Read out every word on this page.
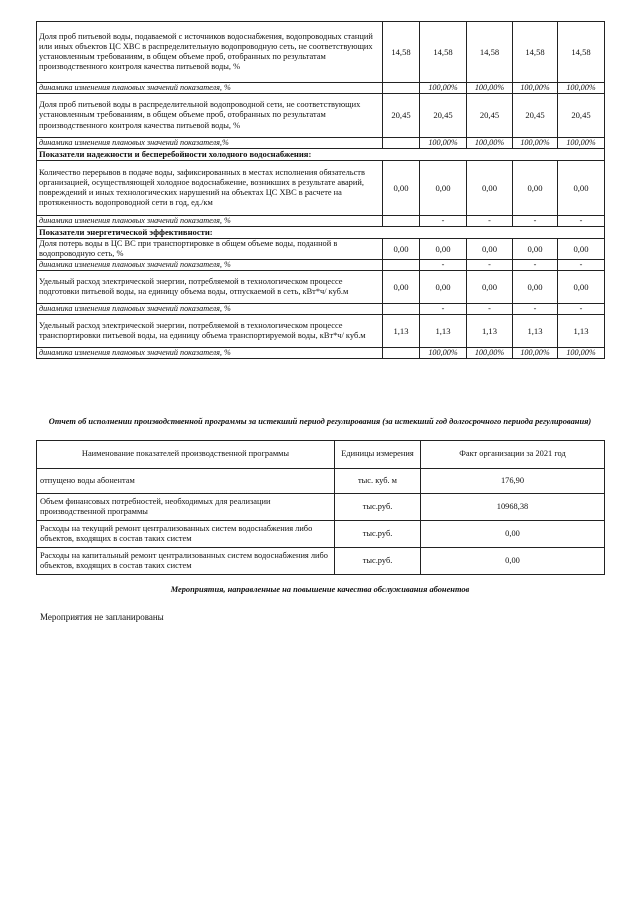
Доля проб питьевой воды, подаваемой с источников водоснабжения, водопроводных станций или иных объектов ЦС ХВС в распределительную водопроводную сеть, не соответствующих установленным требованиям, в общем объеме проб, отобранных по результатам производственного контроля качества питьевой воды, %	14,58	14,58	14,58	14,58	14,58
динамика изменения плановых значений показателя, %		100,00%	100,00%	100,00%	100,00%
Доля проб питьевой воды в распределительной водопроводной сети, не соответствующих установленным требованиям, в общем объеме проб, отобранных по результатам производственного контроля качества питьевой воды, %	20,45	20,45	20,45	20,45	20,45
динамика изменения плановых значений показателя,%		100,00%	100,00%	100,00%	100,00%
Показатели надежности и бесперебойности холодного водоснабжения:					
Количество перерывов в подаче воды, зафиксированных в местах исполнения обязательств организацией, осуществляющей холодное водоснабжение, возникших в результате аварий, повреждений и иных технологических нарушений на объектах ЦС ХВС в расчете на протяженность водопроводной сети в год, ед./км	0,00	0,00	0,00	0,00	0,00
динамика изменения плановых значений показателя, %		-	-	-	-
Показатели энергетической эффективности:					
Доля потерь воды в ЦС ВС при транспортировке в общем объеме воды, поданной в водопроводную сеть, %	0,00	0,00	0,00	0,00	0,00
динамика изменения плановых значений показателя, %		-	-	-	-
Удельный расход электрической энергии, потребляемой в технологическом процессе подготовки питьевой воды, на единицу объема воды, отпускаемой в сеть, кВт*ч/ куб.м	0,00	0,00	0,00	0,00	0,00
динамика изменения плановых значений показателя, %		-	-	-	-
Удельный расход электрической энергии, потребляемой в технологическом процессе транспортировки питьевой воды, на единицу объема транспортируемой воды, кВт*ч/ куб.м	1,13	1,13	1,13	1,13	1,13
динамика изменения плановых значений показателя, %		100,00%	100,00%	100,00%	100,00%
Отчет об исполнении производственной программы за истекший период регулирования (за истекший год долгосрочного периода регулирования)
Наименование показателей производственной программы	Единицы измерения	Факт организации за 2021 год
отпущено воды абонентам	тыс. куб. м	176,90
Объем финансовых потребностей, необходимых для реализации производственной программы	тыс.руб.	10968,38
Расходы на текущий ремонт централизованных систем водоснабжения либо объектов, входящих в состав таких систем	тыс.руб.	0,00
Расходы на капитальный ремонт централизованных систем водоснабжения либо объектов, входящих в состав таких систем	тыс.руб.	0,00
Мероприятия, направленные на повышение качества обслуживания абонентов
Мероприятия не запланированы
